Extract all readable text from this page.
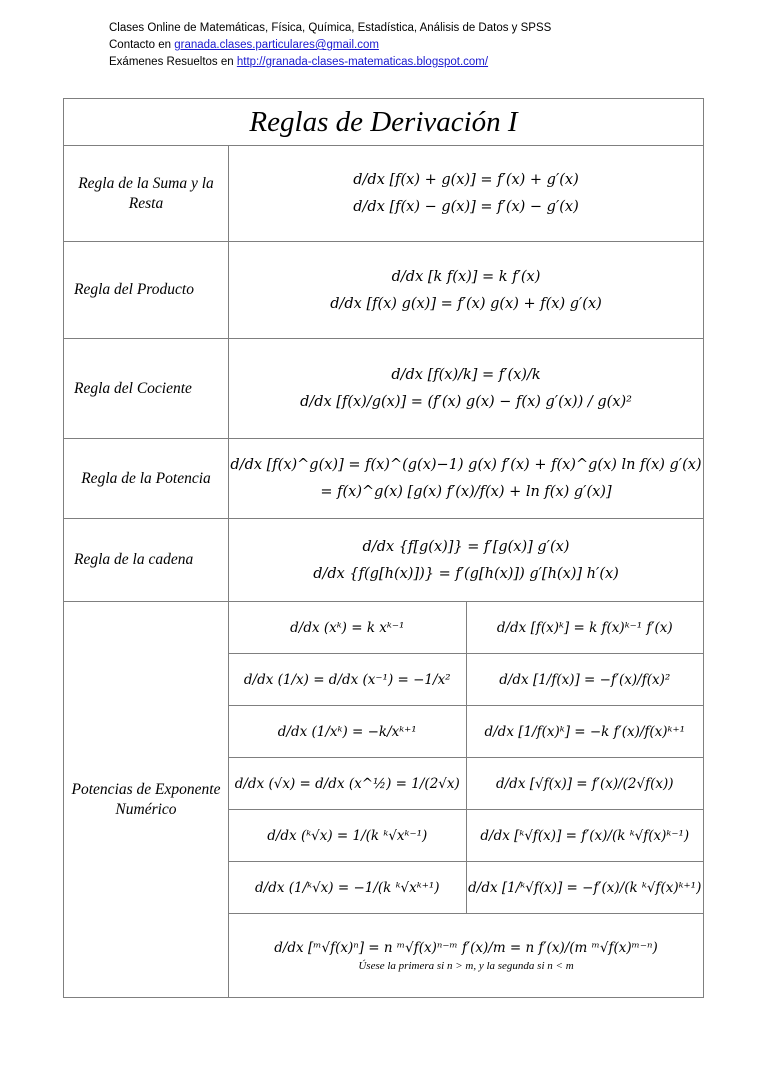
Clases Online de Matemáticas, Física, Química, Estadística, Análisis de Datos y SPSS
Contacto en granada.clases.particulares@gmail.com
Exámenes Resueltos en http://granada-clases-matematicas.blogspot.com/
Reglas de Derivación I
Regla de la Suma y la Resta	
d/dx [f(x) + g(x)] = f′(x) + g′(x)
d/dx [f(x) − g(x)] = f′(x) − g′(x)

Regla del Producto	
d/dx [k f(x)] = k f′(x)
d/dx [f(x) g(x)] = f′(x) g(x) + f(x) g′(x)

Regla del Cociente	
d/dx [f(x)/k] = f′(x)/k
d/dx [f(x)/g(x)] = (f′(x) g(x) − f(x) g′(x)) / g(x)²

Regla de la Potencia	
d/dx [f(x)^g(x)] = f(x)^(g(x)−1) g(x) f′(x) + f(x)^g(x) ln f(x) g′(x)
= f(x)^g(x) [g(x) f′(x)/f(x) + ln f(x) g′(x)]

Regla de la cadena	
d/dx {f[g(x)]} = f′[g(x)] g′(x)
d/dx {f(g[h(x)])} = f′(g[h(x)]) g′[h(x)] h′(x)

Potencias de Exponente Numérico	
d/dx (xᵏ) = k xᵏ⁻¹	d/dx [f(x)ᵏ] = k f(x)ᵏ⁻¹ f′(x)
d/dx (1/x) = d/dx (x⁻¹) = −1/x²	d/dx [1/f(x)] = −f′(x)/f(x)²
d/dx (1/xᵏ) = −k/xᵏ⁺¹	d/dx [1/f(x)ᵏ] = −k f′(x)/f(x)ᵏ⁺¹
d/dx (√x) = d/dx (x^½) = 1/(2√x)	d/dx [√f(x)] = f′(x)/(2√f(x))
d/dx (ᵏ√x) = 1/(k ᵏ√xᵏ⁻¹)	d/dx [ᵏ√f(x)] = f′(x)/(k ᵏ√f(x)ᵏ⁻¹)
d/dx (1/ᵏ√x) = −1/(k ᵏ√xᵏ⁺¹)	d/dx [1/ᵏ√f(x)] = −f′(x)/(k ᵏ√f(x)ᵏ⁺¹)
d/dx [ᵐ√f(x)ⁿ] = n ᵐ√f(x)ⁿ⁻ᵐ f′(x)/m = n f′(x)/(m ᵐ√f(x)ᵐ⁻ⁿ)
Úsese la primera si n > m, y la segunda si n < m
